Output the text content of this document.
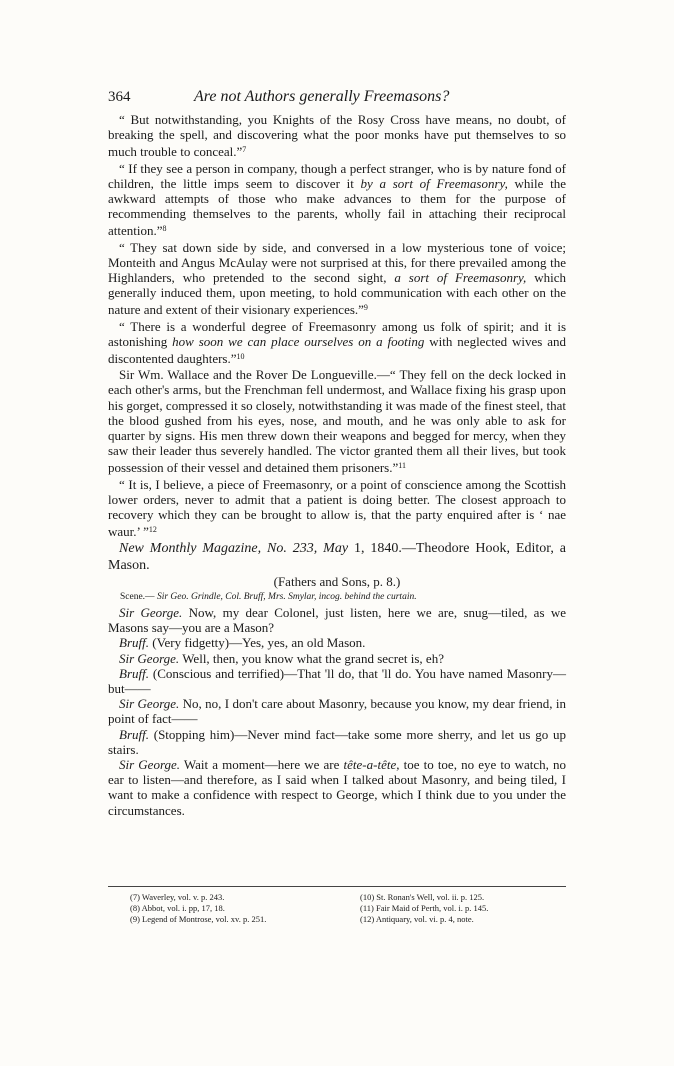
364	Are not Authors generally Freemasons?

“ But notwithstanding, you Knights of the Rosy Cross have means, no doubt, of breaking the spell, and discovering what the poor monks have put themselves to so much trouble to conceal.”$^7$

“ If they see a person in company, though a perfect stranger, who is by nature fond of children, the little imps seem to discover it by a sort of Freemasonry, while the awkward attempts of those who make advances to them for the purpose of recommending themselves to the parents, wholly fail in attaching their reciprocal attention.”$^8$

“ They sat down side by side, and conversed in a low mysterious tone of voice; Monteith and Angus McAulay were not surprised at this, for there prevailed among the Highlanders, who pretended to the second sight, a sort of Freemasonry, which generally induced them, upon meeting, to hold communication with each other on the nature and extent of their visionary experiences.”$^9$

“ There is a wonderful degree of Freemasonry among us folk of spirit; and it is astonishing how soon we can place ourselves on a footing with neglected wives and discontented daughters.”$^{10}$

Sir Wm. Wallace and the Rover De Longueville.—“ They fell on the deck locked in each other's arms, but the Frenchman fell undermost, and Wallace fixing his grasp upon his gorget, compressed it so closely, notwithstanding it was made of the finest steel, that the blood gushed from his eyes, nose, and mouth, and he was only able to ask for quarter by signs. His men threw down their weapons and begged for mercy, when they saw their leader thus severely handled. The victor granted them all their lives, but took possession of their vessel and detained them prisoners.”$^{11}$

“ It is, I believe, a piece of Freemasonry, or a point of conscience among the Scottish lower orders, never to admit that a patient is doing better. The closest approach to recovery which they can be brought to allow is, that the party enquired after is ‘ nae waur.’ ”$^{12}$

New Monthly Magazine, No. 233, May 1, 1840.—Theodore Hook, Editor, a Mason.

(Fathers and Sons, p. 8.)

Scene.— Sir Geo. Grindle, Col. Bruff, Mrs. Smylar, incog. behind the curtain.

Sir George. Now, my dear Colonel, just listen, here we are, snug—tiled, as we Masons say—you are a Mason?

Bruff. (Very fidgetty)—Yes, yes, an old Mason.

Sir George. Well, then, you know what the grand secret is, eh?

Bruff. (Conscious and terrified)—That 'll do, that 'll do. You have named Masonry—but——

Sir George. No, no, I don't care about Masonry, because you know, my dear friend, in point of fact——

Bruff. (Stopping him)—Never mind fact—take some more sherry, and let us go up stairs.

Sir George. Wait a moment—here we are tête-a-tête, toe to toe, no eye to watch, no ear to listen—and therefore, as I said when I talked about Masonry, and being tiled, I want to make a confidence with respect to George, which I think due to you under the circumstances.

(7) Waverley, vol. v. p. 243.	(10) St. Ronan's Well, vol. ii. p. 125.
(8) Abbot, vol. i. pp, 17, 18.	(11) Fair Maid of Perth, vol. i. p. 145.
(9) Legend of Montrose, vol. xv. p. 251.	(12) Antiquary, vol. vi. p. 4, note.
